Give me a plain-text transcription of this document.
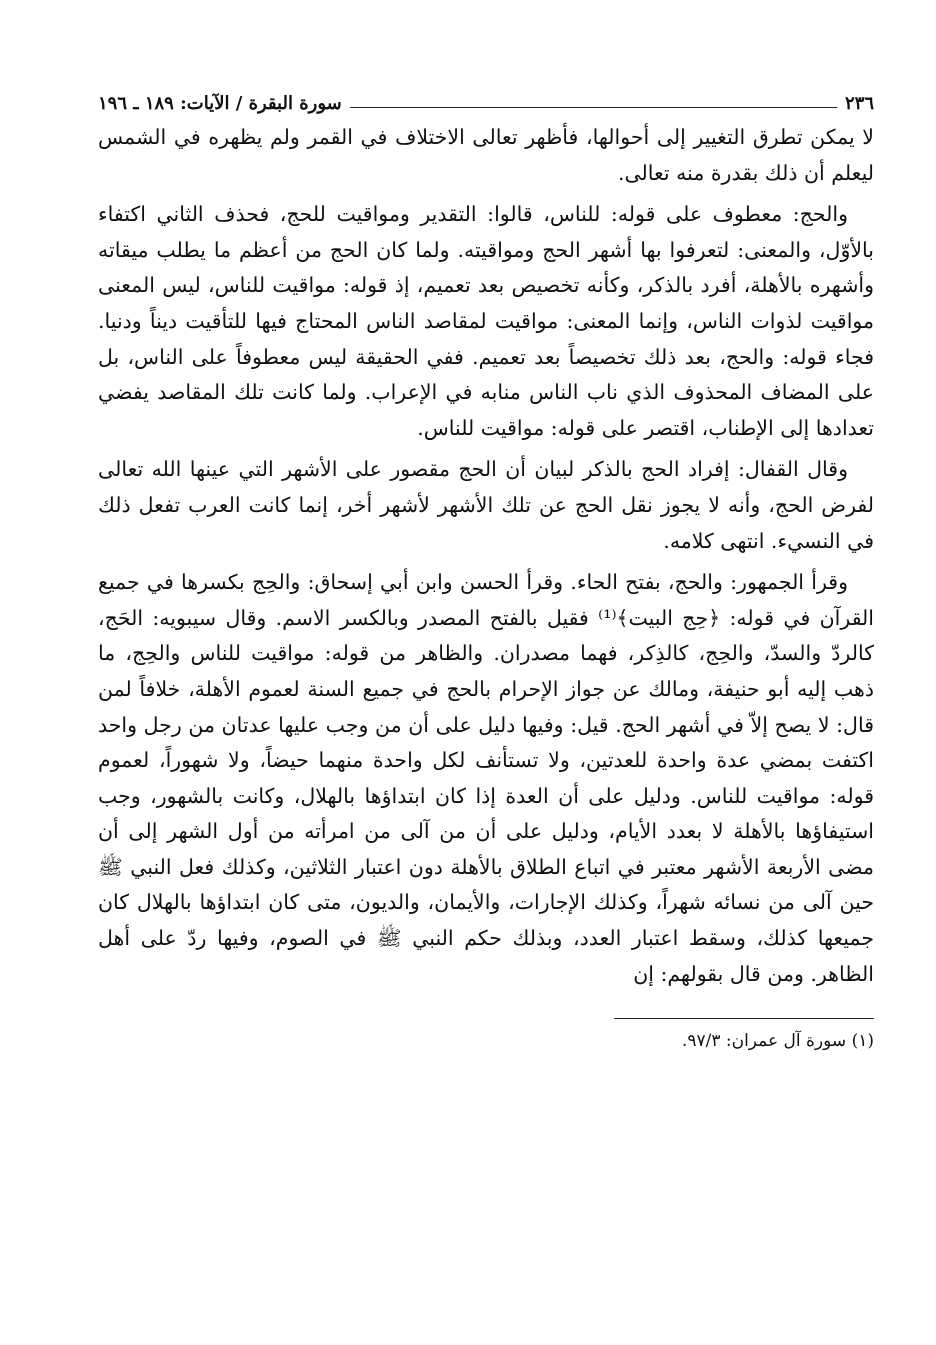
٢٣٦
سورة البقرة / الآيات: ١٨٩ ـ ١٩٦

لا يمكن تطرق التغيير إلى أحوالها، فأظهر تعالى الاختلاف في القمر ولم يظهره في الشمس ليعلم أن ذلك بقدرة منه تعالى.

والحج: معطوف على قوله: للناس، قالوا: التقدير ومواقيت للحج، فحذف الثاني اكتفاء بالأوّل، والمعنى: لتعرفوا بها أشهر الحج ومواقيته. ولما كان الحج من أعظم ما يطلب ميقاته وأشهره بالأهلة، أفرد بالذكر، وكأنه تخصيص بعد تعميم، إذ قوله: مواقيت للناس، ليس المعنى مواقيت لذوات الناس، وإنما المعنى: مواقيت لمقاصد الناس المحتاج فيها للتأقيت ديناً ودنيا. فجاء قوله: والحج، بعد ذلك تخصيصاً بعد تعميم. ففي الحقيقة ليس معطوفاً على الناس، بل على المضاف المحذوف الذي ناب الناس منابه في الإعراب. ولما كانت تلك المقاصد يفضي تعدادها إلى الإطناب، اقتصر على قوله: مواقيت للناس.

وقال القفال: إفراد الحج بالذكر لبيان أن الحج مقصور على الأشهر التي عينها الله تعالى لفرض الحج، وأنه لا يجوز نقل الحج عن تلك الأشهر لأشهر أخر، إنما كانت العرب تفعل ذلك في النسيء. انتهى كلامه.

وقرأ الجمهور: والحج، بفتح الحاء. وقرأ الحسن وابن أبي إسحاق: والحِج بكسرها في جميع القرآن في قوله: ﴿حِج البيت﴾⁽¹⁾ فقيل بالفتح المصدر وبالكسر الاسم. وقال سيبويه: الحَج، كالردّ والسدّ، والحِج، كالذِكر، فهما مصدران. والظاهر من قوله: مواقيت للناس والحِج، ما ذهب إليه أبو حنيفة، ومالك عن جواز الإحرام بالحج في جميع السنة لعموم الأهلة، خلافاً لمن قال: لا يصح إلاّ في أشهر الحج. قيل: وفيها دليل على أن من وجب عليها عدتان من رجل واحد اكتفت بمضي عدة واحدة للعدتين، ولا تستأنف لكل واحدة منهما حيضاً، ولا شهوراً، لعموم قوله: مواقيت للناس. ودليل على أن العدة إذا كان ابتداؤها بالهلال، وكانت بالشهور، وجب استيفاؤها بالأهلة لا بعدد الأيام، ودليل على أن من آلى من امرأته من أول الشهر إلى أن مضى الأربعة الأشهر معتبر في اتباع الطلاق بالأهلة دون اعتبار الثلاثين، وكذلك فعل النبي ﷺ حين آلى من نسائه شهراً، وكذلك الإجارات، والأيمان، والديون، متى كان ابتداؤها بالهلال كان جميعها كذلك، وسقط اعتبار العدد، وبذلك حكم النبي ﷺ في الصوم، وفيها ردّ على أهل الظاهر. ومن قال بقولهم: إن

(١) سورة آل عمران: ٩٧/٣.
